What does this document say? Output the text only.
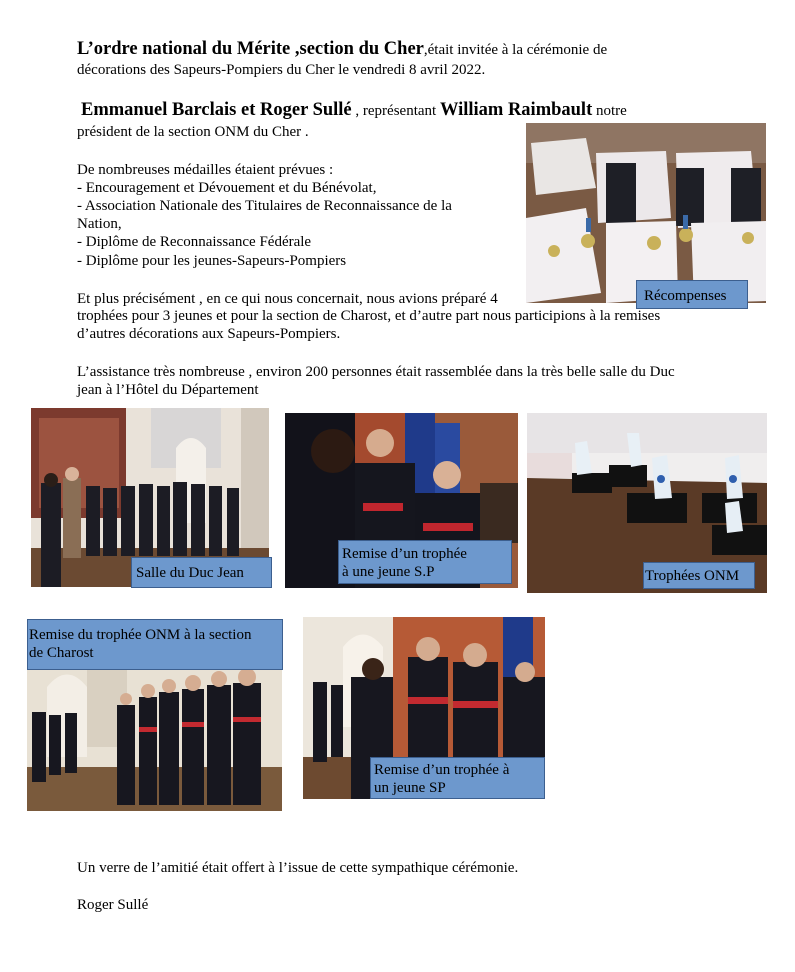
L’ordre national du Mérite ,section du Cher,était invitée à la cérémonie de
décorations des Sapeurs-Pompiers du Cher le vendredi 8 avril 2022.
Emmanuel Barclais et Roger Sullé , représentant William Raimbault notre
président de la section ONM du Cher .
De nombreuses médailles étaient prévues :
- Encouragement et Dévouement et du Bénévolat,
- Association Nationale des Titulaires de Reconnaissance de la
Nation,
- Diplôme de Reconnaissance Fédérale
- Diplôme pour les jeunes-Sapeurs-Pompiers
Récompenses
Et plus précisément , en ce qui nous concernait, nous avions préparé 4
trophées pour 3 jeunes et pour la section de Charost, et d’autre part nous participions à la remises
d’autres décorations aux Sapeurs-Pompiers.
L’assistance très nombreuse , environ 200 personnes était rassemblée dans la très belle salle du Duc
jean à l’Hôtel du Département
Salle du Duc Jean
Remise d’un trophée
à une jeune S.P	Trophées ONM
Remise du trophée ONM à la section
de Charost
Remise d’un trophée à
un jeune SP
Un verre de l’amitié était offert à l’issue de cette sympathique cérémonie.
Roger Sullé
